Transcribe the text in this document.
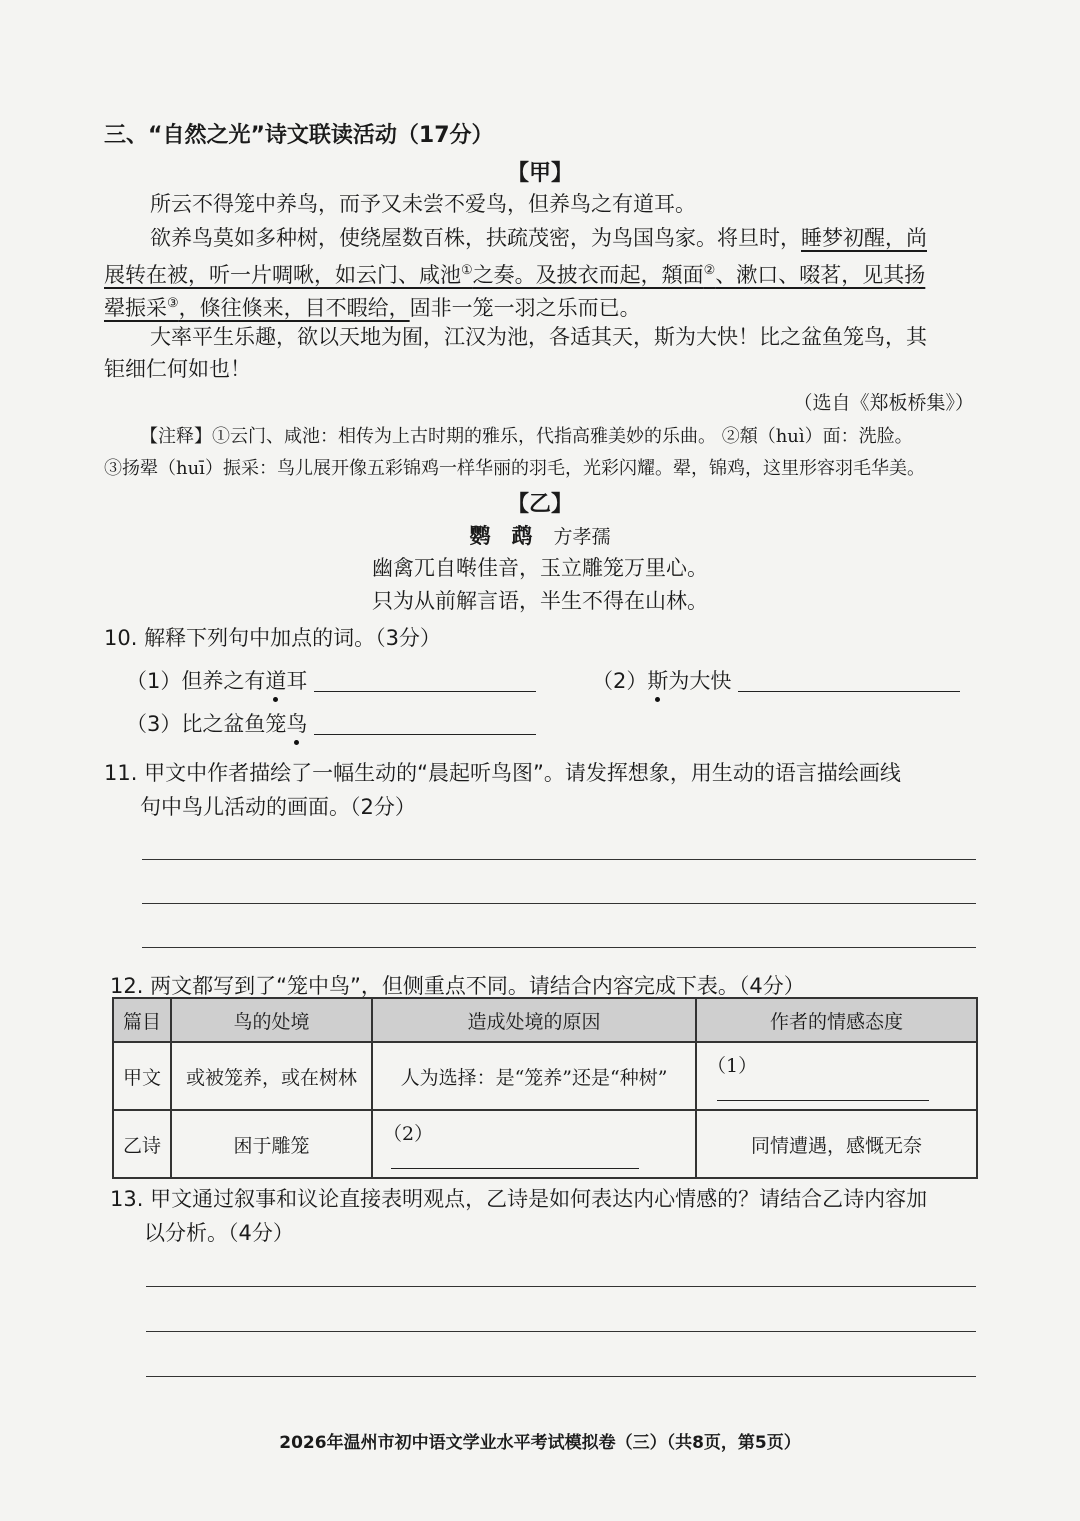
三、“自然之光”诗文联读活动（17分）
【甲】
所云不得笼中养鸟，而予又未尝不爱鸟，但养鸟之有道耳。
欲养鸟莫如多种树，使绕屋数百株，扶疏茂密，为鸟国鸟家。将旦时，睡梦初醒，尚
展转在被，听一片啁啾，如云门、咸池①之奏。及披衣而起，頮面②、漱口、啜茗，见其扬
翚振采③，倏往倏来，目不暇给，固非一笼一羽之乐而已。
大率平生乐趣，欲以天地为囿，江汉为池，各适其天，斯为大快！比之盆鱼笼鸟，其
钜细仁何如也！
（选自《郑板桥集》）
【注释】①云门、咸池：相传为上古时期的雅乐，代指高雅美妙的乐曲。 ②頮（huì）面：洗脸。
③扬翚（huī）振采：鸟儿展开像五彩锦鸡一样华丽的羽毛，光彩闪耀。翚，锦鸡，这里形容羽毛华美。
【乙】
鹦　鹉　 方孝孺
幽禽兀自啭佳音，玉立雕笼万里心。
只为从前解言语，半生不得在山林。
10. 解释下列句中加点的词。（3分）
（1）但养之有道耳	（2）斯为大快
（3）比之盆鱼笼鸟
11. 甲文中作者描绘了一幅生动的“晨起听鸟图”。请发挥想象，用生动的语言描绘画线
句中鸟儿活动的画面。（2分）
12. 两文都写到了“笼中鸟”，但侧重点不同。请结合内容完成下表。（4分）
篇目	鸟的处境	造成处境的原因	作者的情感态度
甲文	或被笼养，或在树林	人为选择：是“笼养”还是“种树”	（1）
乙诗	困于雕笼	（2）	同情遭遇，感慨无奈
13. 甲文通过叙事和议论直接表明观点，乙诗是如何表达内心情感的？请结合乙诗内容加
以分析。（4分）
2026年温州市初中语文学业水平考试模拟卷（三）（共8页，第5页）
